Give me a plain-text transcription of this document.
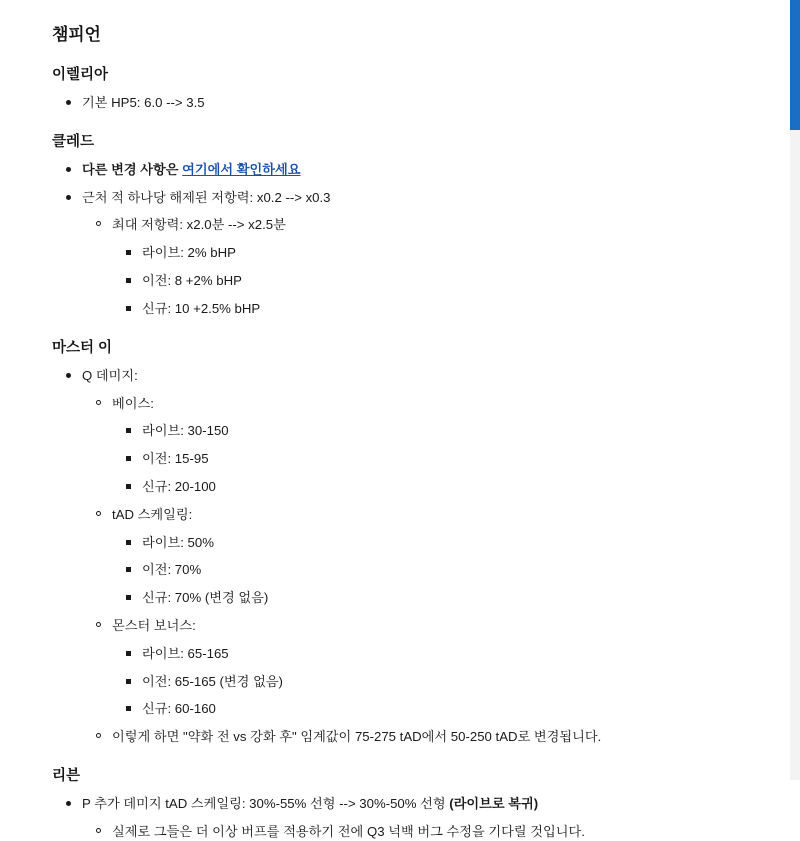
챔피언
이렐리아
기본 HP5: 6.0 --> 3.5
클레드
다른 변경 사항은 여기에서 확인하세요
근처 적 하나당 해제된 저항력: x0.2 --> x0.3
최대 저항력: x2.0분 --> x2.5분
라이브: 2% bHP
이전: 8 +2% bHP
신규: 10 +2.5% bHP
마스터 이
Q 데미지:
베이스:
라이브: 30-150
이전: 15-95
신규: 20-100
tAD 스케일링:
라이브: 50%
이전: 70%
신규: 70% (변경 없음)
몬스터 보너스:
라이브: 65-165
이전: 65-165 (변경 없음)
신규: 60-160
이렇게 하면 "약화 전 vs 강화 후" 임계값이 75-275 tAD에서 50-250 tAD로 변경됩니다.
리븐
P 추가 데미지 tAD 스케일링: 30%-55% 선형 --> 30%-50% 선형 (라이브로 복귀)
실제로 그들은 더 이상 버프를 적용하기 전에 Q3 넉백 버그 수정을 기다릴 것입니다.
